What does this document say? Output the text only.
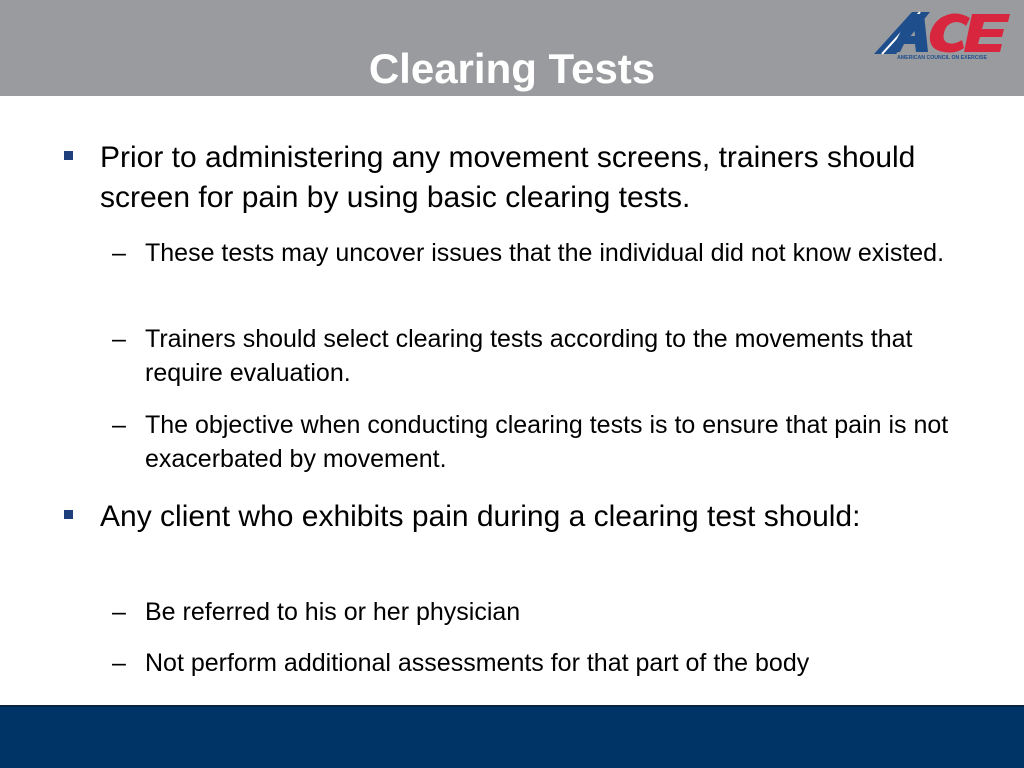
Clearing Tests	AMERICAN COUNCIL ON EXERCISE
Prior to administering any movement screens, trainers should screen for pain by using basic clearing tests.
– These tests may uncover issues that the individual did not know existed.
– Trainers should select clearing tests according to the movements that require evaluation.
– The objective when conducting clearing tests is to ensure that pain is not exacerbated by movement.
Any client who exhibits pain during a clearing test should:
– Be referred to his or her physician
– Not perform additional assessments for that part of the body
